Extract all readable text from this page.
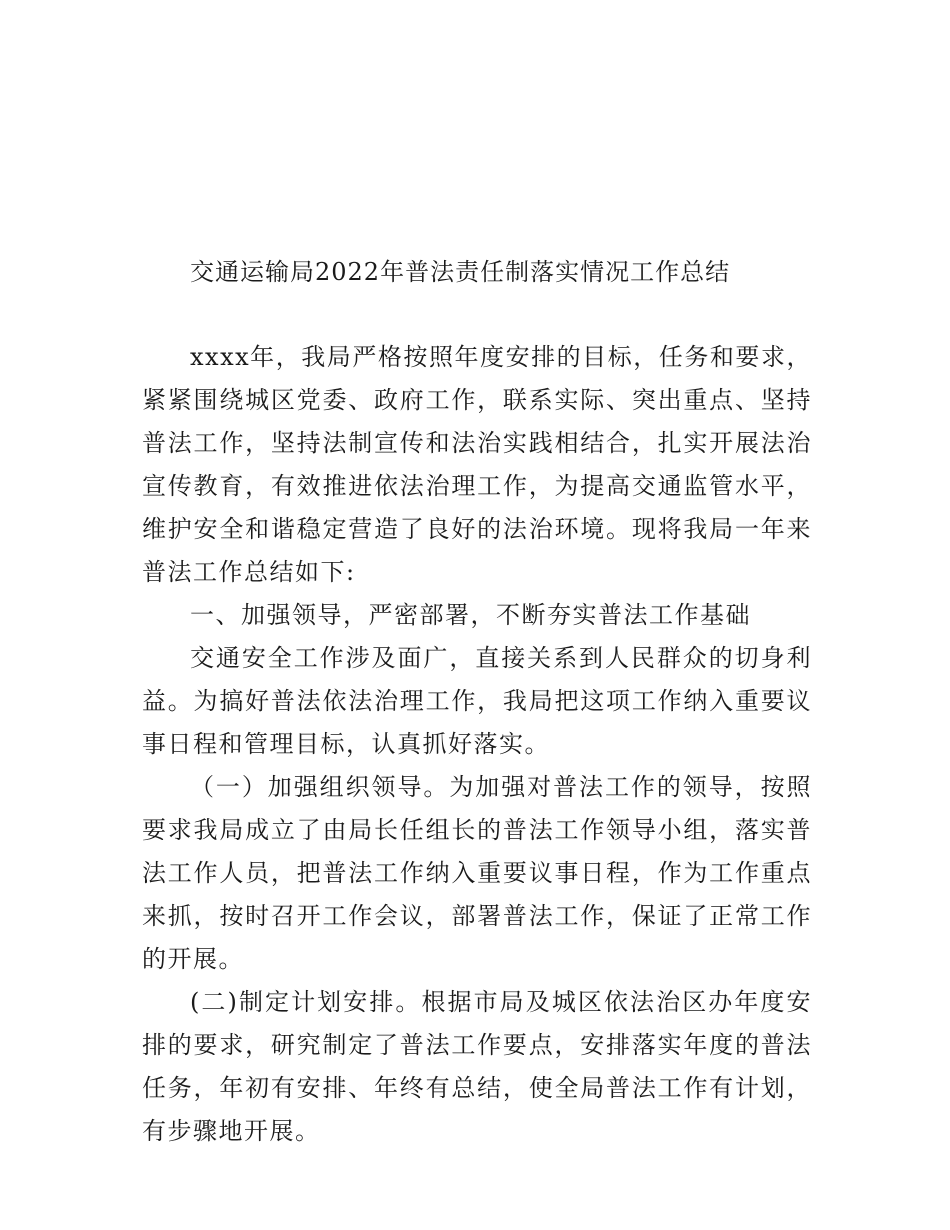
交通运输局2022年普法责任制落实情况工作总结

xxxx年，我局严格按照年度安排的目标，任务和要求，紧紧围绕城区党委、政府工作，联系实际、突出重点、坚持普法工作，坚持法制宣传和法治实践相结合，扎实开展法治宣传教育，有效推进依法治理工作，为提高交通监管水平，维护安全和谐稳定营造了良好的法治环境。现将我局一年来普法工作总结如下:

一、加强领导，严密部署，不断夯实普法工作基础

交通安全工作涉及面广，直接关系到人民群众的切身利益。为搞好普法依法治理工作，我局把这项工作纳入重要议事日程和管理目标，认真抓好落实。

（一）加强组织领导。为加强对普法工作的领导，按照要求我局成立了由局长任组长的普法工作领导小组，落实普法工作人员，把普法工作纳入重要议事日程，作为工作重点来抓，按时召开工作会议，部署普法工作，保证了正常工作的开展。

(二)制定计划安排。根据市局及城区依法治区办年度安排的要求，研究制定了普法工作要点，安排落实年度的普法任务，年初有安排、年终有总结，使全局普法工作有计划，有步骤地开展。
